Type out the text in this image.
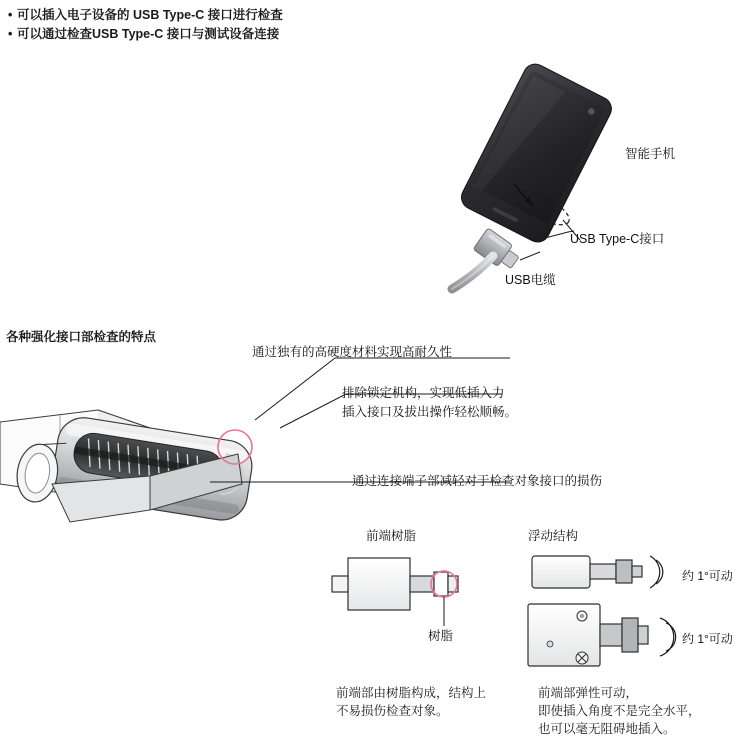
• 可以插入电子设备的 USB Type-C 接口进行检查
• 可以通过检查USB Type-C 接口与测试设备连接
智能手机
USB Type-C接口
USB电缆
各种强化接口部检查的特点
通过独有的高硬度材料实现高耐久性
排除锁定机构，实现低插入力
插入接口及拔出操作轻松顺畅。
通过连接端子部减轻对于检查对象接口的损伤
前端树脂
树脂
前端部由树脂构成，结构上
不易损伤检查对象。
浮动结构
约 1°可动
约 1°可动
前端部弹性可动，
即使插入角度不是完全水平，
也可以毫无阻碍地插入。
